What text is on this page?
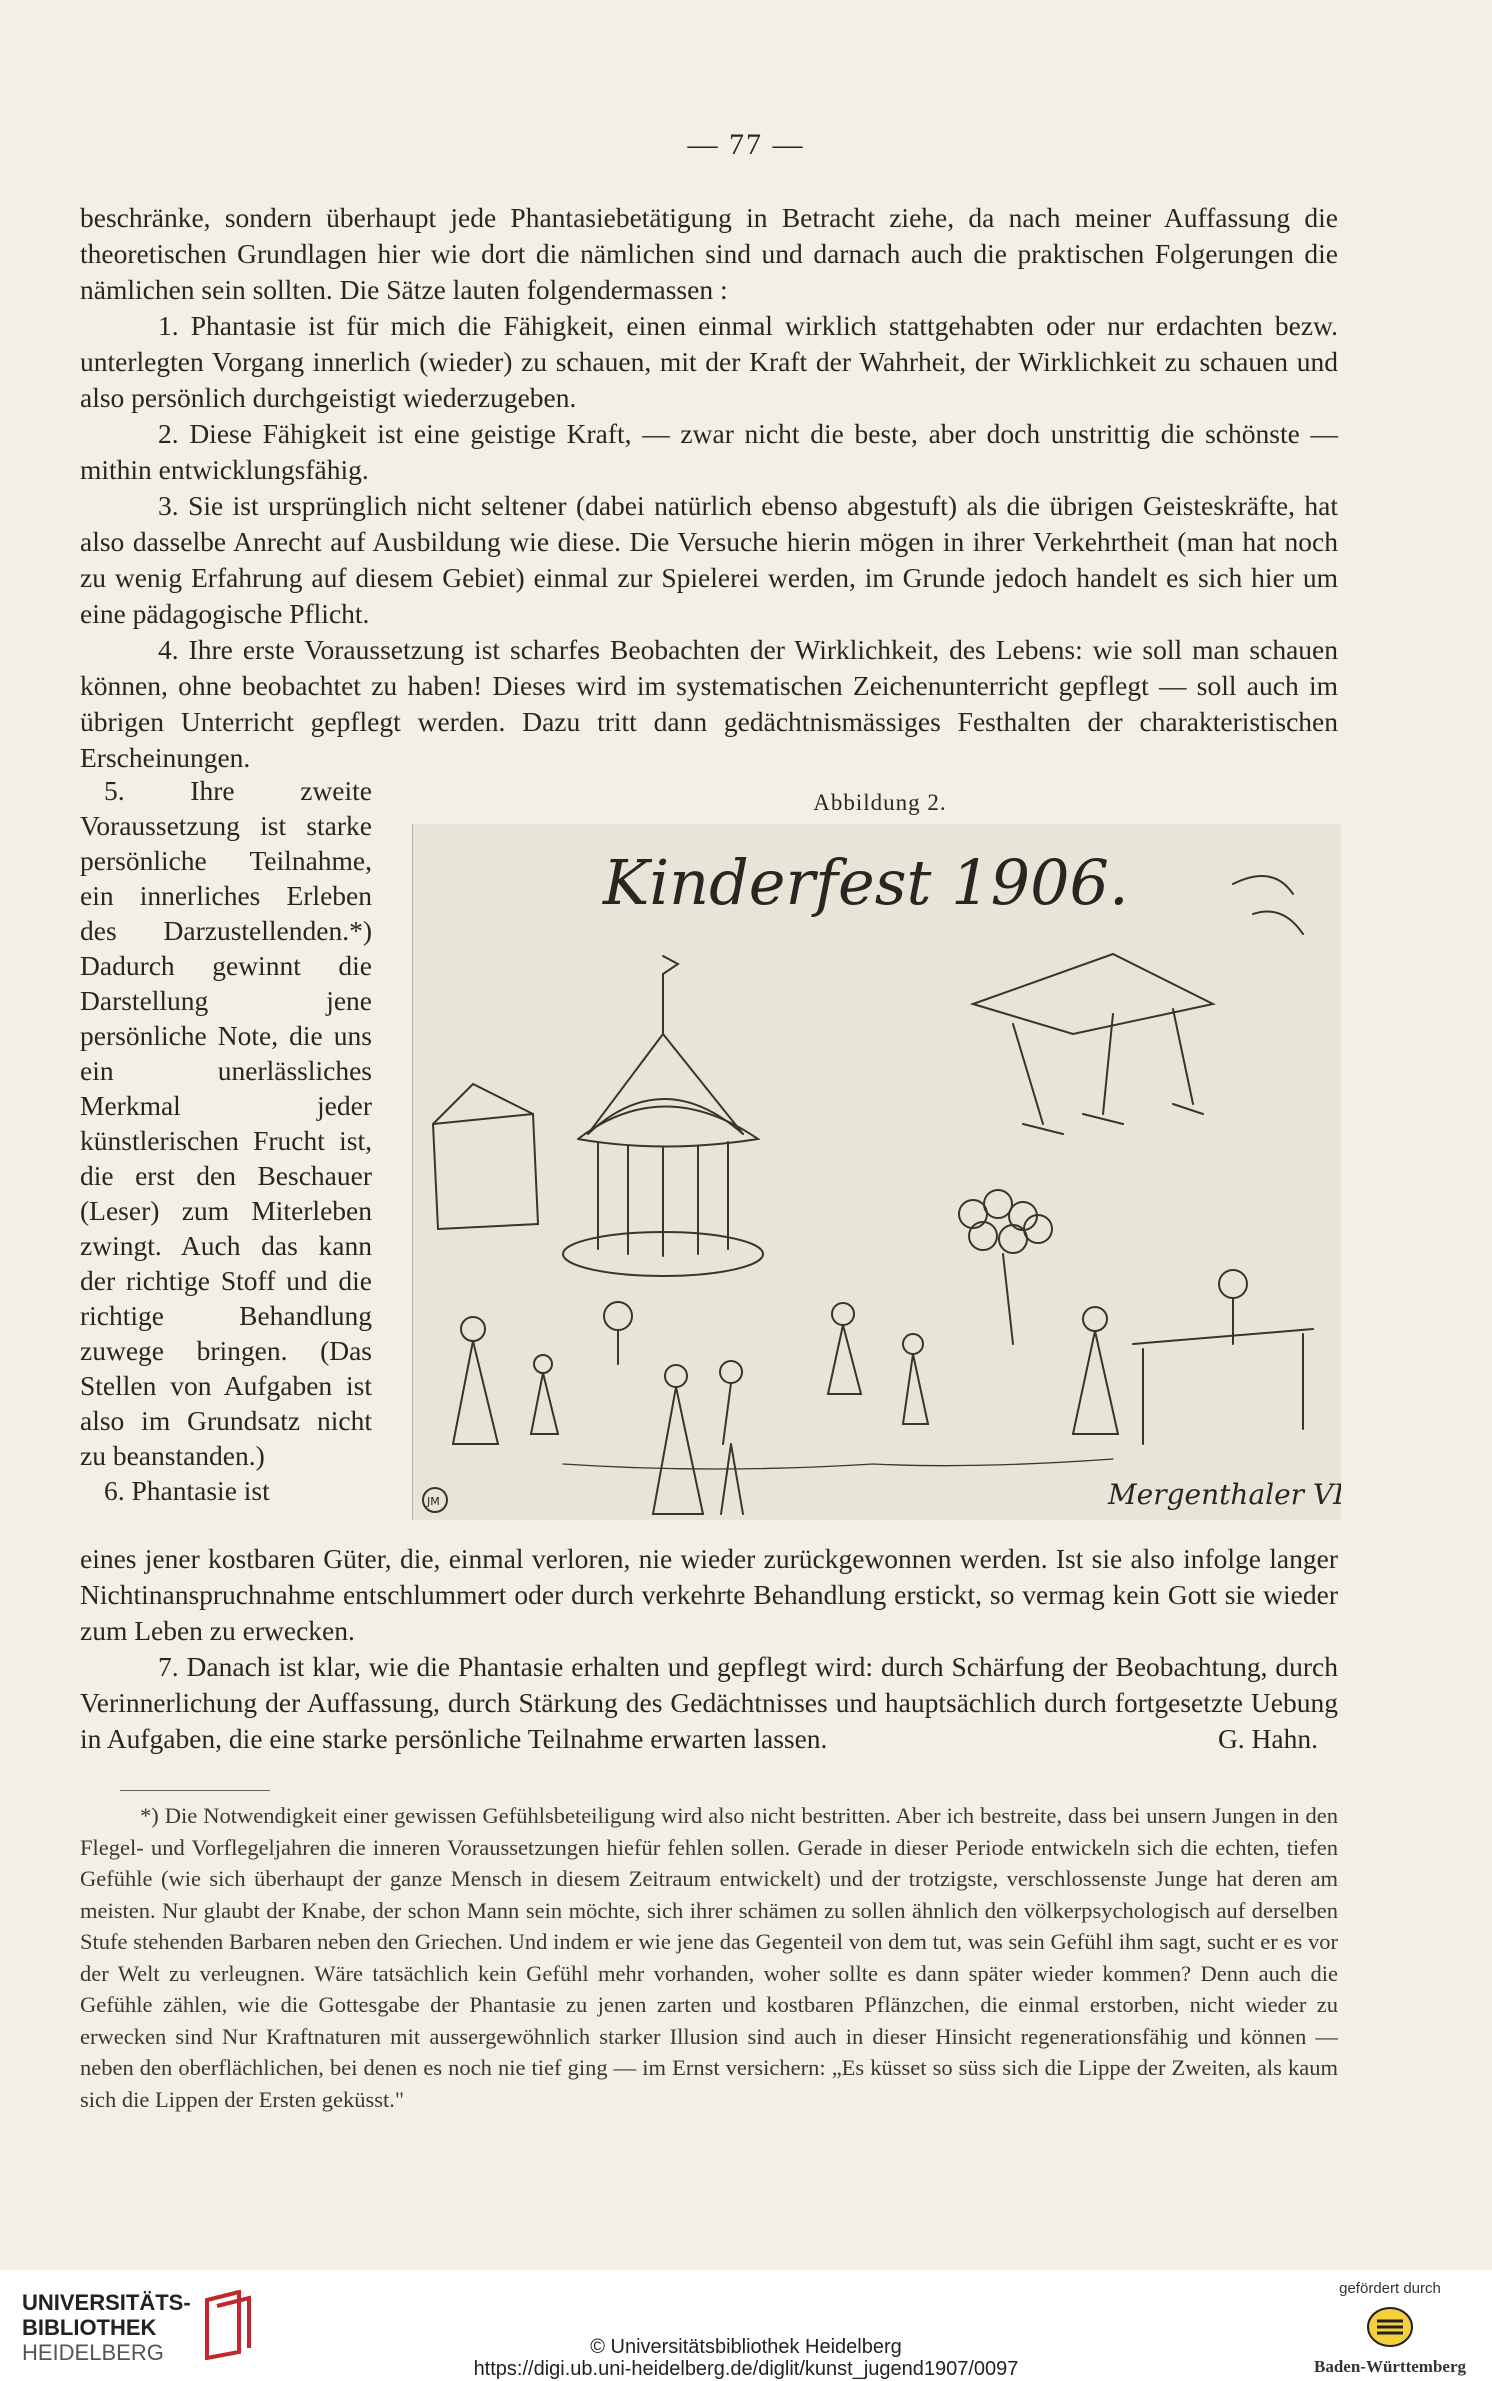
— 77 —

beschränke, sondern überhaupt jede Phantasiebetätigung in Betracht ziehe, da nach meiner Auffassung die theoretischen Grundlagen hier wie dort die nämlichen sind und darnach auch die praktischen Folgerungen die nämlichen sein sollten. Die Sätze lauten folgendermassen :

1. Phantasie ist für mich die Fähigkeit, einen einmal wirklich stattgehabten oder nur erdachten bezw. unterlegten Vorgang innerlich (wieder) zu schauen, mit der Kraft der Wahrheit, der Wirklichkeit zu schauen und also persönlich durchgeistigt wiederzugeben.

2. Diese Fähigkeit ist eine geistige Kraft, — zwar nicht die beste, aber doch unstrittig die schönste — mithin entwicklungsfähig.

3. Sie ist ursprünglich nicht seltener (dabei natürlich ebenso abgestuft) als die übrigen Geisteskräfte, hat also dasselbe Anrecht auf Ausbildung wie diese. Die Versuche hierin mögen in ihrer Verkehrtheit (man hat noch zu wenig Erfahrung auf diesem Gebiet) einmal zur Spielerei werden, im Grunde jedoch handelt es sich hier um eine pädagogische Pflicht.

4. Ihre erste Voraussetzung ist scharfes Beobachten der Wirklichkeit, des Lebens: wie soll man schauen können, ohne beobachtet zu haben! Dieses wird im systematischen Zeichenunterricht gepflegt — soll auch im übrigen Unterricht gepflegt werden. Dazu tritt dann gedächtnismässiges Festhalten der charakteristischen Erscheinungen.

5. Ihre zweite Voraussetzung ist starke persönliche Teilnahme, ein innerliches Erleben des Darzustellenden.*) Dadurch gewinnt die Darstellung jene persönliche Note, die uns ein unerlässliches Merkmal jeder künstlerischen Frucht ist, die erst den Beschauer (Leser) zum Miterleben zwingt. Auch das kann der richtige Stoff und die richtige Behandlung zuwege bringen. (Das Stellen von Aufgaben ist also im Grundsatz nicht zu beanstanden.)

6. Phantasie ist

Abbildung 2.
Kinderfest 1906.
Mergenthaler VI
JM

eines jener kostbaren Güter, die, einmal verloren, nie wieder zurückgewonnen werden. Ist sie also infolge langer Nichtinanspruchnahme entschlummert oder durch verkehrte Behandlung erstickt, so vermag kein Gott sie wieder zum Leben zu erwecken.

7. Danach ist klar, wie die Phantasie erhalten und gepflegt wird: durch Schärfung der Beobachtung, durch Verinnerlichung der Auffassung, durch Stärkung des Gedächtnisses und hauptsächlich durch fortgesetzte Uebung in Aufgaben, die eine starke persönliche Teilnahme erwarten lassen.	G. Hahn.

*) Die Notwendigkeit einer gewissen Gefühlsbeteiligung wird also nicht bestritten. Aber ich bestreite, dass bei unsern Jungen in den Flegel- und Vorflegeljahren die inneren Voraussetzungen hiefür fehlen sollen. Gerade in dieser Periode entwickeln sich die echten, tiefen Gefühle (wie sich überhaupt der ganze Mensch in diesem Zeitraum entwickelt) und der trotzigste, verschlossenste Junge hat deren am meisten. Nur glaubt der Knabe, der schon Mann sein möchte, sich ihrer schämen zu sollen ähnlich den völkerpsychologisch auf derselben Stufe stehenden Barbaren neben den Griechen. Und indem er wie jene das Gegenteil von dem tut, was sein Gefühl ihm sagt, sucht er es vor der Welt zu verleugnen. Wäre tatsächlich kein Gefühl mehr vorhanden, woher sollte es dann später wieder kommen? Denn auch die Gefühle zählen, wie die Gottesgabe der Phantasie zu jenen zarten und kostbaren Pflänzchen, die einmal erstorben, nicht wieder zu erwecken sind Nur Kraftnaturen mit aussergewöhnlich starker Illusion sind auch in dieser Hinsicht regenerationsfähig und können — neben den oberflächlichen, bei denen es noch nie tief ging — im Ernst versichern: „Es küsset so süss sich die Lippe der Zweiten, als kaum sich die Lippen der Ersten geküsst."

UNIVERSITÄTS-
BIBLIOTHEK
HEIDELBERG	© Universitätsbibliothek Heidelberg
https://digi.ub.uni-heidelberg.de/diglit/kunst_jugend1907/0097
gefördert durch
Baden-Württemberg
